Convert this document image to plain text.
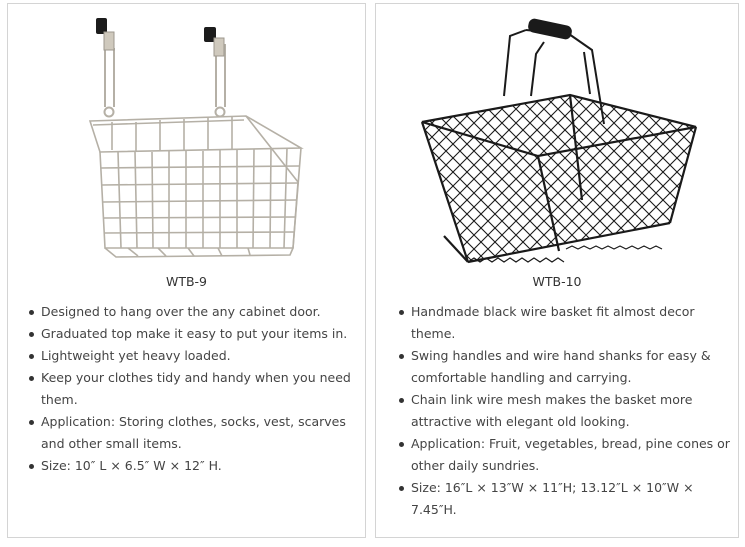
WTB-9
Designed to hang over the any cabinet door.
Graduated top make it easy to put your items in.
Lightweight yet heavy loaded.
Keep your clothes tidy and handy when you need them.
Application: Storing clothes, socks, vest, scarves and other small items.
Size: 10″ L × 6.5″ W × 12″ H.
WTB-10
Handmade black wire basket fit almost decor theme.
Swing handles and wire hand shanks for easy & comfortable handling and carrying.
Chain link wire mesh makes the basket more attractive with elegant old looking.
Application: Fruit, vegetables, bread, pine cones or other daily sundries.
Size: 16″L × 13″W × 11″H; 13.12″L × 10″W × 7.45″H.
